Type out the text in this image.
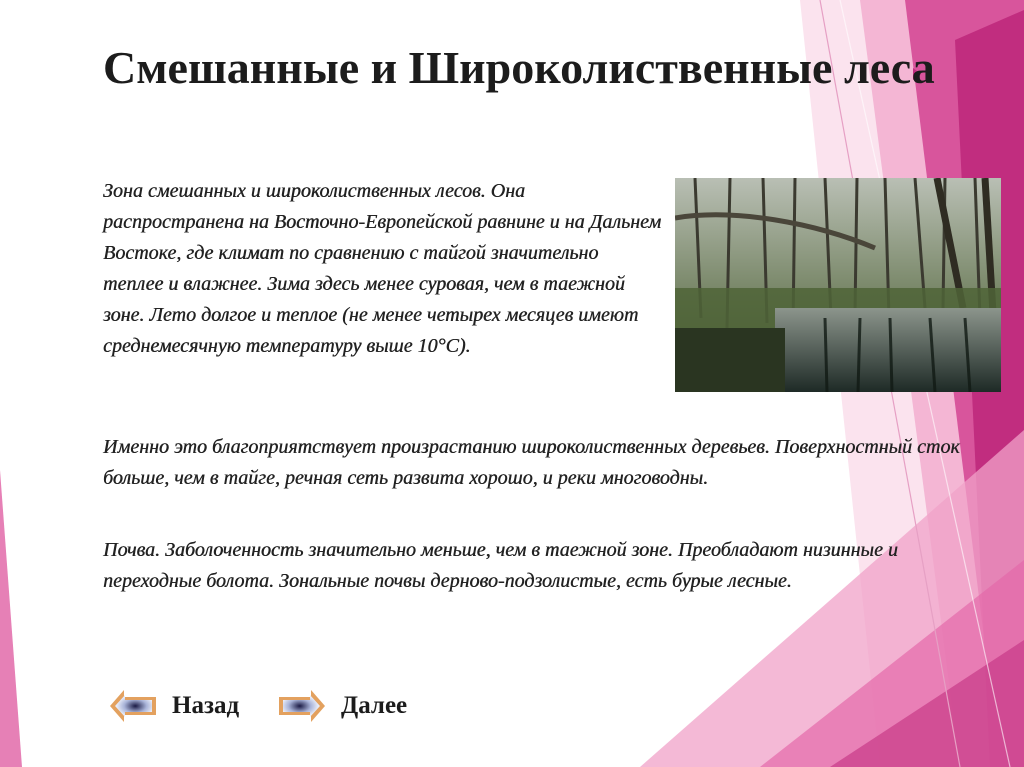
Смешанные и Широколиственные леса

Зона смешанных и широколиственных лесов. Она распространена на Восточно-Европейской равнине и на Дальнем Востоке, где климат по сравнению с тайгой значительно теплее и влажнее. Зима здесь менее суровая, чем в таежной зоне. Лето долгое и теплое (не менее четырех месяцев имеют среднемесячную температуру выше 10°C).

Именно это благоприятствует произрастанию широколиственных деревьев. Поверхностный сток больше, чем в тайге, речная сеть развита хорошо, и реки многоводны.

Почва. Заболоченность значительно меньше, чем в таежной зоне. Преобладают низинные и переходные болота. Зональные почвы дерново-подзолистые, есть бурые лесные.

Назад	Далее
